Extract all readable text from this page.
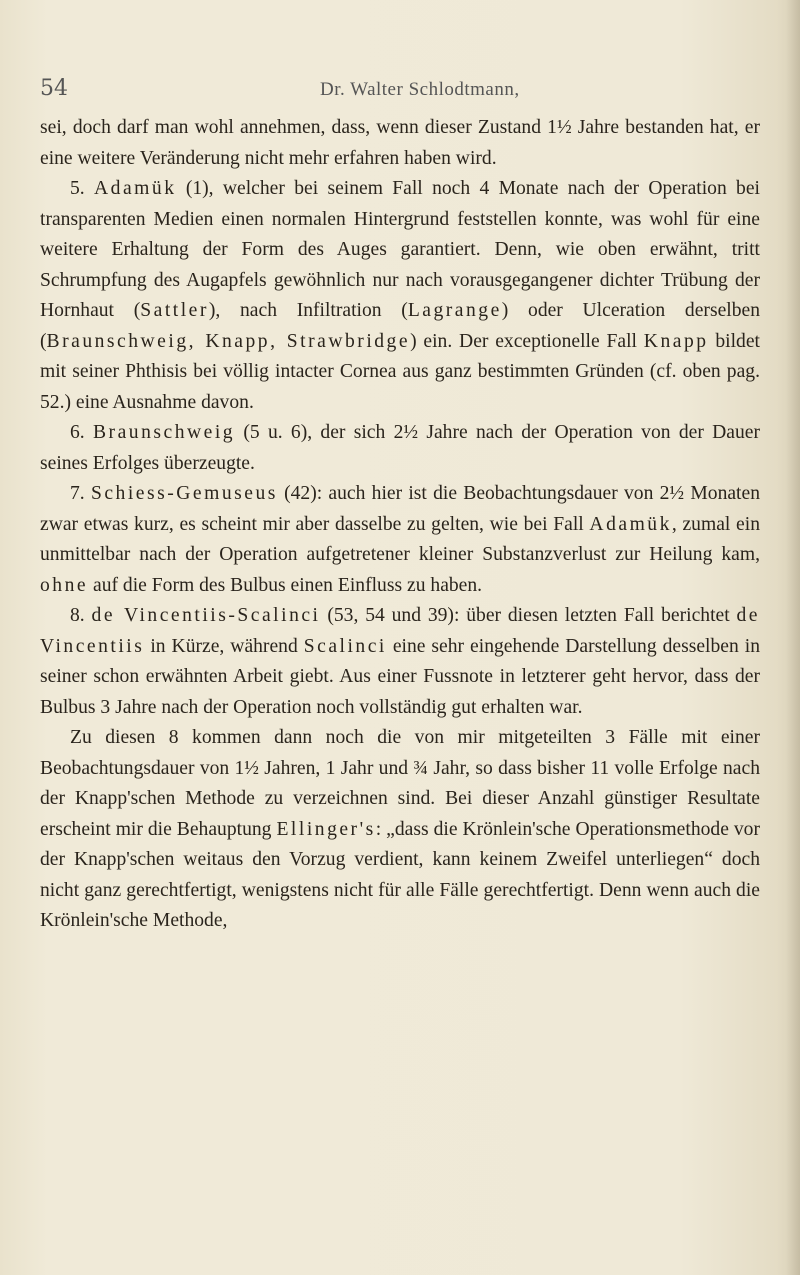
54	Dr. Walter Schlodtmann,

sei, doch darf man wohl annehmen, dass, wenn dieser Zustand 1½ Jahre bestanden hat, er eine weitere Veränderung nicht mehr erfahren haben wird.

5. Adamük (1), welcher bei seinem Fall noch 4 Monate nach der Operation bei transparenten Medien einen normalen Hintergrund feststellen konnte, was wohl für eine weitere Erhaltung der Form des Auges garantiert. Denn, wie oben erwähnt, tritt Schrumpfung des Augapfels gewöhnlich nur nach vorausgegangener dichter Trübung der Hornhaut (Sattler), nach Infiltration (Lagrange) oder Ulceration derselben (Braunschweig, Knapp, Strawbridge) ein. Der exceptionelle Fall Knapp bildet mit seiner Phthisis bei völlig intacter Cornea aus ganz bestimmten Gründen (cf. oben pag. 52.) eine Ausnahme davon.

6. Braunschweig (5 u. 6), der sich 2½ Jahre nach der Operation von der Dauer seines Erfolges überzeugte.

7. Schiess-Gemuseus (42): auch hier ist die Beobachtungsdauer von 2½ Monaten zwar etwas kurz, es scheint mir aber dasselbe zu gelten, wie bei Fall Adamük, zumal ein unmittelbar nach der Operation aufgetretener kleiner Substanzverlust zur Heilung kam, ohne auf die Form des Bulbus einen Einfluss zu haben.

8. de Vincentiis-Scalinci (53, 54 und 39): über diesen letzten Fall berichtet de Vincentiis in Kürze, während Scalinci eine sehr eingehende Darstellung desselben in seiner schon erwähnten Arbeit giebt. Aus einer Fussnote in letzterer geht hervor, dass der Bulbus 3 Jahre nach der Operation noch vollständig gut erhalten war.

Zu diesen 8 kommen dann noch die von mir mitgeteilten 3 Fälle mit einer Beobachtungsdauer von 1½ Jahren, 1 Jahr und ¾ Jahr, so dass bisher 11 volle Erfolge nach der Knapp'schen Methode zu verzeichnen sind. Bei dieser Anzahl günstiger Resultate erscheint mir die Behauptung Ellinger's: „dass die Krönlein'sche Operationsmethode vor der Knapp'schen weitaus den Vorzug verdient, kann keinem Zweifel unterliegen“ doch nicht ganz gerechtfertigt, wenigstens nicht für alle Fälle gerechtfertigt. Denn wenn auch die Krönlein'sche Methode,
